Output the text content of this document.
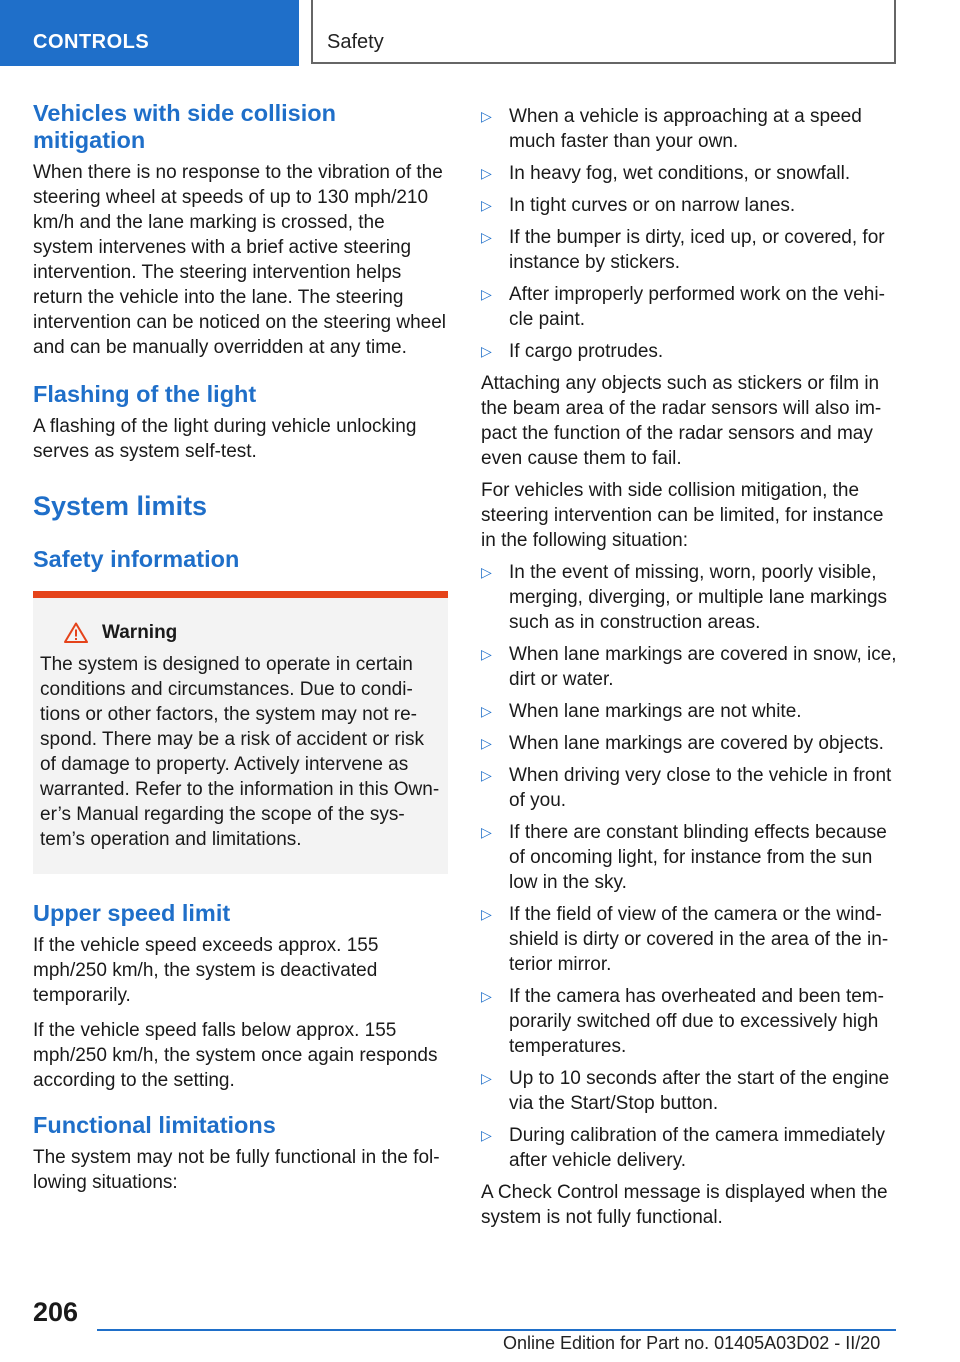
CONTROLS	Safety
Vehicles with side collision mitigation

When there is no response to the vibration of the steering wheel at speeds of up to 130 mph/210 km/h and the lane marking is crossed, the system intervenes with a brief active steering intervention. The steering intervention helps return the vehicle into the lane. The steering intervention can be noticed on the steering wheel and can be manually overridden at any time.

Flashing of the light

A flashing of the light during vehicle unlocking serves as system self-test.

System limits
Safety information
Warning

The system is designed to operate in certain conditions and circumstances. Due to conditions or other factors, the system may not respond. There may be a risk of accident or risk of damage to property. Actively intervene as warranted. Refer to the information in this Owner’s Manual regarding the scope of the system’s operation and limitations.

Upper speed limit

If the vehicle speed exceeds approx. 155 mph/250 km/h, the system is deactivated temporarily.

If the vehicle speed falls below approx. 155 mph/250 km/h, the system once again responds according to the setting.

Functional limitations

The system may not be fully functional in the following situations:

▷ When a vehicle is approaching at a speed much faster than your own.
▷ In heavy fog, wet conditions, or snowfall.
▷ In tight curves or on narrow lanes.
▷ If the bumper is dirty, iced up, or covered, for instance by stickers.
▷ After improperly performed work on the vehicle paint.
▷ If cargo protrudes.

Attaching any objects such as stickers or film in the beam area of the radar sensors will also impact the function of the radar sensors and may even cause them to fail.

For vehicles with side collision mitigation, the steering intervention can be limited, for instance in the following situation:

▷ In the event of missing, worn, poorly visible, merging, diverging, or multiple lane markings such as in construction areas.
▷ When lane markings are covered in snow, ice, dirt or water.
▷ When lane markings are not white.
▷ When lane markings are covered by objects.
▷ When driving very close to the vehicle in front of you.
▷ If there are constant blinding effects because of oncoming light, for instance from the sun low in the sky.
▷ If the field of view of the camera or the windshield is dirty or covered in the area of the interior mirror.
▷ If the camera has overheated and been temporarily switched off due to excessively high temperatures.
▷ Up to 10 seconds after the start of the engine via the Start/Stop button.
▷ During calibration of the camera immediately after vehicle delivery.

A Check Control message is displayed when the system is not fully functional.

206
Online Edition for Part no. 01405A03D02 - II/20
